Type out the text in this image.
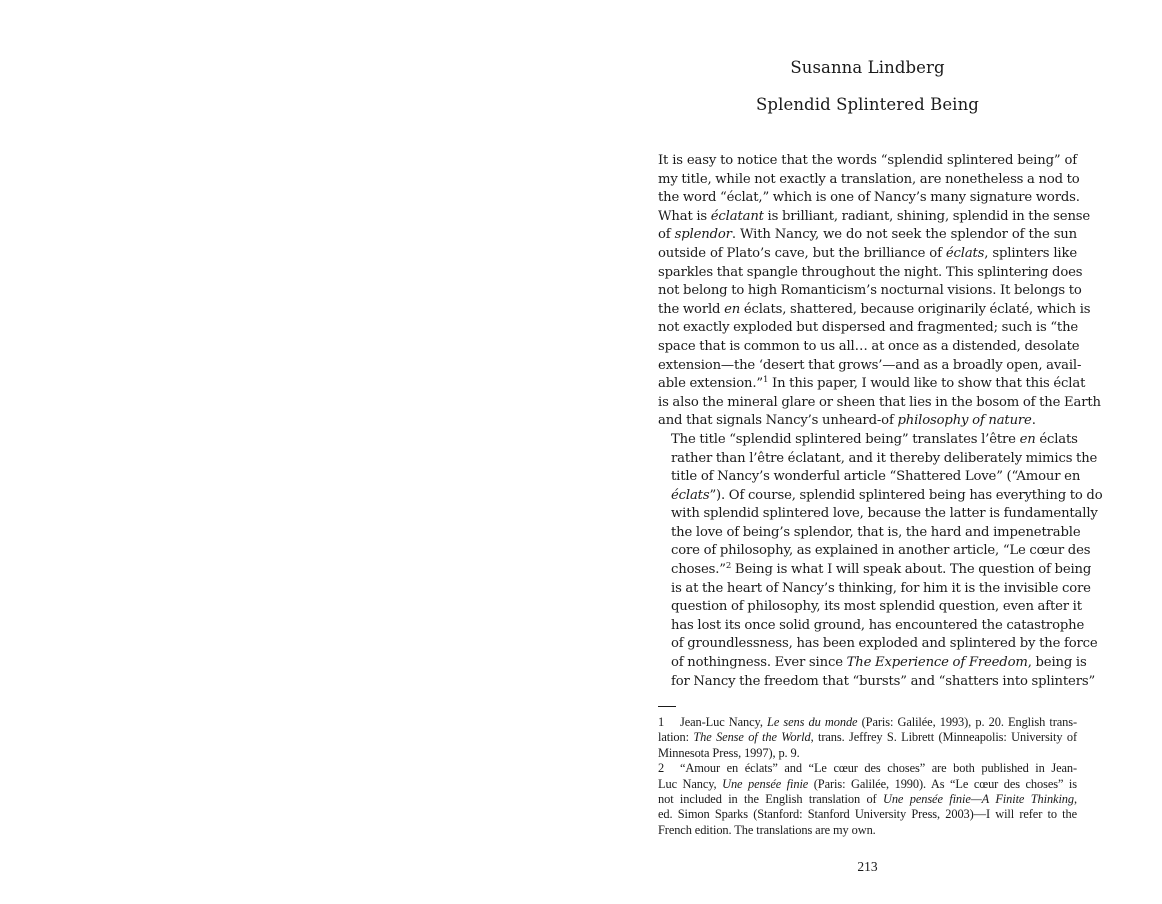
Susanna Lindberg
Splendid Splintered Being

It is easy to notice that the words “splendid splintered being” of
my title, while not exactly a translation, are nonetheless a nod to
the word “éclat,” which is one of Nancy’s many signature words.
What is éclatant is brilliant, radiant, shining, splendid in the sense
of splendor. With Nancy, we do not seek the splendor of the sun
outside of Plato’s cave, but the brilliance of éclats, splinters like
sparkles that spangle throughout the night. This splintering does
not belong to high Romanticism’s nocturnal visions. It belongs to
the world en éclats, shattered, because originarily éclaté, which is
not exactly exploded but dispersed and fragmented; such is “the
space that is common to us all… at once as a distended, desolate
extension—the ‘desert that grows’—and as a broadly open, avail-
able extension.”$^1$ In this paper, I would like to show that this éclat
is also the mineral glare or sheen that lies in the bosom of the Earth
and that signals Nancy’s unheard-of philosophy of nature.

The title “splendid splintered being” translates l’être en éclats
rather than l’être éclatant, and it thereby deliberately mimics the
title of Nancy’s wonderful article “Shattered Love” (“Amour en
éclats”). Of course, splendid splintered being has everything to do
with splendid splintered love, because the latter is fundamentally
the love of being’s splendor, that is, the hard and impenetrable
core of philosophy, as explained in another article, “Le cœur des
choses.”$^2$ Being is what I will speak about. The question of being
is at the heart of Nancy’s thinking, for him it is the invisible core
question of philosophy, its most splendid question, even after it
has lost its once solid ground, has encountered the catastrophe
of groundlessness, has been exploded and splintered by the force
of nothingness. Ever since The Experience of Freedom, being is
for Nancy the freedom that “bursts” and “shatters into splinters”

1 Jean-Luc Nancy, Le sens du monde (Paris: Galilée, 1993), p. 20. English trans-
lation: The Sense of the World, trans. Jeffrey S. Librett (Minneapolis: University of
Minnesota Press, 1997), p. 9.
2 “Amour en éclats” and “Le cœur des choses” are both published in Jean-
Luc Nancy, Une pensée finie (Paris: Galilée, 1990). As “Le cœur des choses” is
not included in the English translation of Une pensée finie—A Finite Thinking,
ed. Simon Sparks (Stanford: Stanford University Press, 2003)—I will refer to the
French edition. The translations are my own.
213
